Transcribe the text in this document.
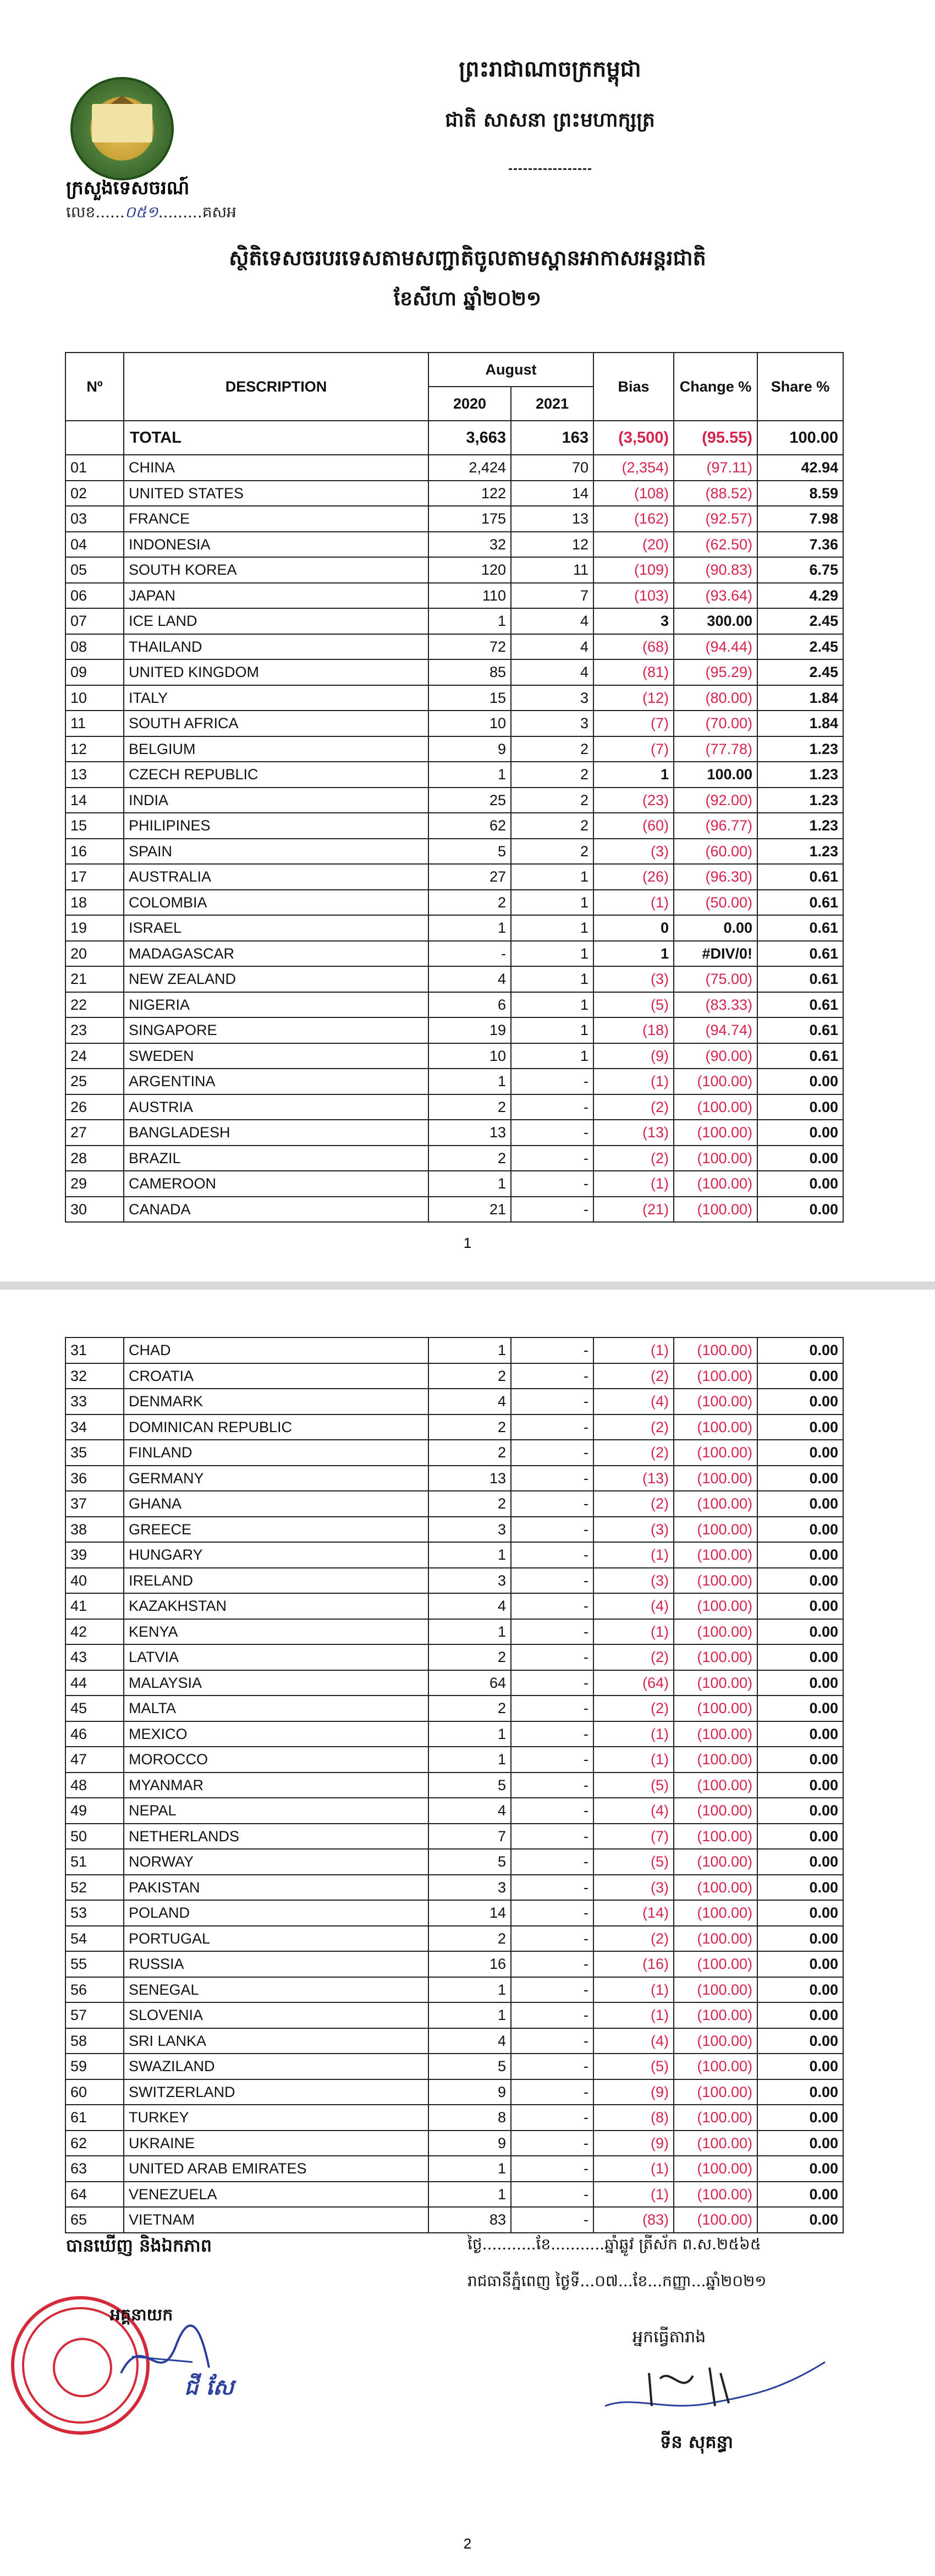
ព្រះរាជាណាចក្រកម្ពុជា
ជាតិ សាសនា ព្រះមហាក្សត្រ
ក្រសួងទេសចរណ៍
លេខ......០៥១.........គសអ
ស្ថិតិទេសចរបរទេសតាមសញ្ជាតិចូលតាមស្ពានអាកាសអន្តរជាតិ
ខែសីហា ឆ្នាំ២០២១
Nº	DESCRIPTION	August		Bias	Change %	Share %
		2020	2021			
	TOTAL	3,663	163	(3,500)	(95.55)	100.00
01	CHINA	2,424	70	(2,354)	(97.11)	42.94
02	UNITED STATES	122	14	(108)	(88.52)	8.59
03	FRANCE	175	13	(162)	(92.57)	7.98
04	INDONESIA	32	12	(20)	(62.50)	7.36
05	SOUTH KOREA	120	11	(109)	(90.83)	6.75
06	JAPAN	110	7	(103)	(93.64)	4.29
07	ICE LAND	1	4	3	300.00	2.45
08	THAILAND	72	4	(68)	(94.44)	2.45
09	UNITED KINGDOM	85	4	(81)	(95.29)	2.45
10	ITALY	15	3	(12)	(80.00)	1.84
11	SOUTH AFRICA	10	3	(7)	(70.00)	1.84
12	BELGIUM	9	2	(7)	(77.78)	1.23
13	CZECH REPUBLIC	1	2	1	100.00	1.23
14	INDIA	25	2	(23)	(92.00)	1.23
15	PHILIPINES	62	2	(60)	(96.77)	1.23
16	SPAIN	5	2	(3)	(60.00)	1.23
17	AUSTRALIA	27	1	(26)	(96.30)	0.61
18	COLOMBIA	2	1	(1)	(50.00)	0.61
19	ISRAEL	1	1	0	0.00	0.61
20	MADAGASCAR	-	1	1	#DIV/0!	0.61
21	NEW ZEALAND	4	1	(3)	(75.00)	0.61
22	NIGERIA	6	1	(5)	(83.33)	0.61
23	SINGAPORE	19	1	(18)	(94.74)	0.61
24	SWEDEN	10	1	(9)	(90.00)	0.61
25	ARGENTINA	1	-	(1)	(100.00)	0.00
26	AUSTRIA	2	-	(2)	(100.00)	0.00
27	BANGLADESH	13	-	(13)	(100.00)	0.00
28	BRAZIL	2	-	(2)	(100.00)	0.00
29	CAMEROON	1	-	(1)	(100.00)	0.00
30	CANADA	21	-	(21)	(100.00)	0.00
1
31	CHAD	1	-	(1)	(100.00)	0.00
32	CROATIA	2	-	(2)	(100.00)	0.00
33	DENMARK	4	-	(4)	(100.00)	0.00
34	DOMINICAN REPUBLIC	2	-	(2)	(100.00)	0.00
35	FINLAND	2	-	(2)	(100.00)	0.00
36	GERMANY	13	-	(13)	(100.00)	0.00
37	GHANA	2	-	(2)	(100.00)	0.00
38	GREECE	3	-	(3)	(100.00)	0.00
39	HUNGARY	1	-	(1)	(100.00)	0.00
40	IRELAND	3	-	(3)	(100.00)	0.00
41	KAZAKHSTAN	4	-	(4)	(100.00)	0.00
42	KENYA	1	-	(1)	(100.00)	0.00
43	LATVIA	2	-	(2)	(100.00)	0.00
44	MALAYSIA	64	-	(64)	(100.00)	0.00
45	MALTA	2	-	(2)	(100.00)	0.00
46	MEXICO	1	-	(1)	(100.00)	0.00
47	MOROCCO	1	-	(1)	(100.00)	0.00
48	MYANMAR	5	-	(5)	(100.00)	0.00
49	NEPAL	4	-	(4)	(100.00)	0.00
50	NETHERLANDS	7	-	(7)	(100.00)	0.00
51	NORWAY	5	-	(5)	(100.00)	0.00
52	PAKISTAN	3	-	(3)	(100.00)	0.00
53	POLAND	14	-	(14)	(100.00)	0.00
54	PORTUGAL	2	-	(2)	(100.00)	0.00
55	RUSSIA	16	-	(16)	(100.00)	0.00
56	SENEGAL	1	-	(1)	(100.00)	0.00
57	SLOVENIA	1	-	(1)	(100.00)	0.00
58	SRI LANKA	4	-	(4)	(100.00)	0.00
59	SWAZILAND	5	-	(5)	(100.00)	0.00
60	SWITZERLAND	9	-	(9)	(100.00)	0.00
61	TURKEY	8	-	(8)	(100.00)	0.00
62	UKRAINE	9	-	(9)	(100.00)	0.00
63	UNITED ARAB EMIRATES	1	-	(1)	(100.00)	0.00
64	VENEZUELA	1	-	(1)	(100.00)	0.00
65	VIETNAM	83	-	(83)	(100.00)	0.00
បានឃើញ និងឯកភាព	ថ្ងៃ...........ខែ...........ឆ្នាំឆ្លូវ ត្រីស័ក ព.ស.២៥៦៥
រាជធានីភ្នំពេញ ថ្ងៃទី...០៧...ខែ...កញ្ញា...ឆ្នាំ២០២១
អគ្គនាយក
ជី សែ
អ្នកធ្វើតារាង
ទីន សុគន្ធា
2
